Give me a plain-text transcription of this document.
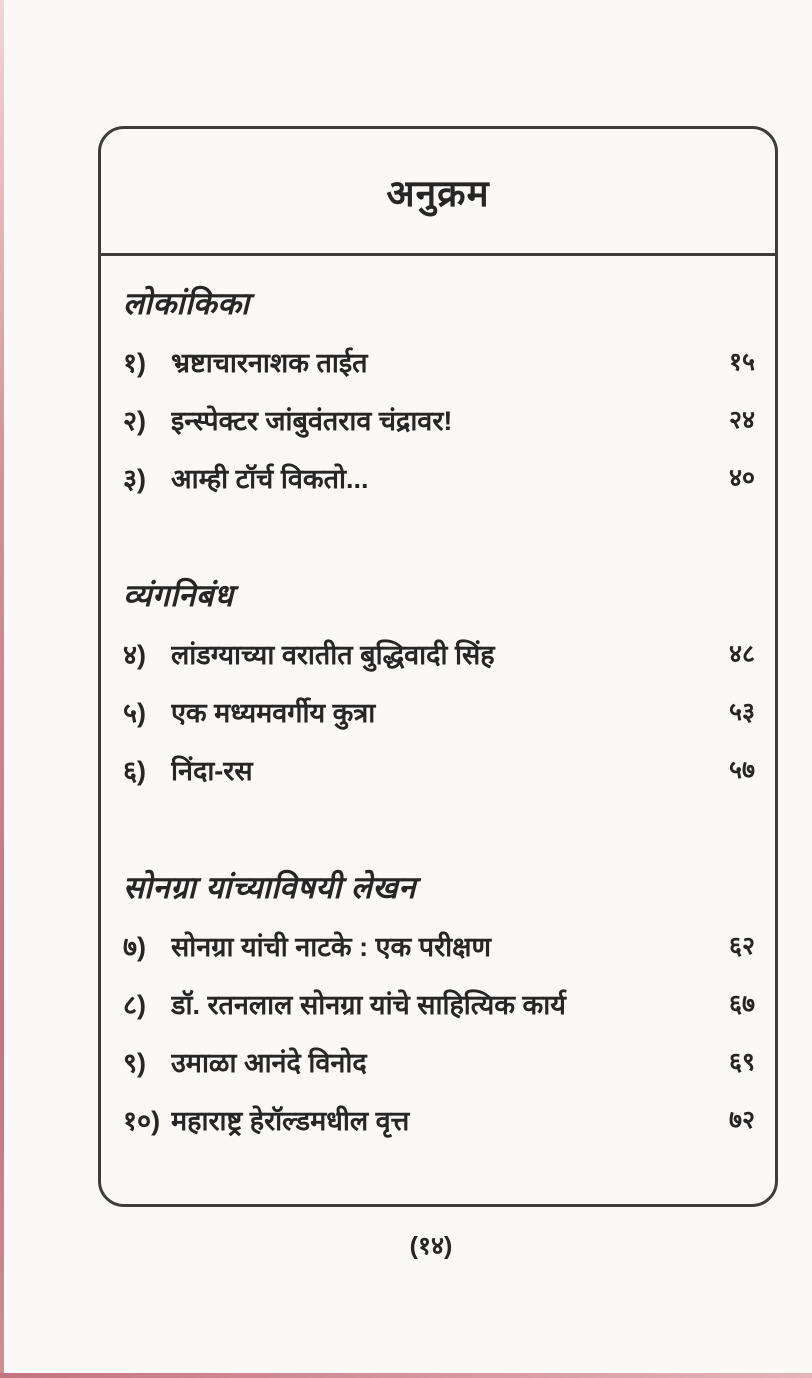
अनुक्रम
लोकांकिका
१) भ्रष्टाचारनाशक ताईत	१५
२) इन्स्पेक्टर जांबुवंतराव चंद्रावर!	२४
३) आम्ही टॉर्च विकतो...	४०
व्यंगनिबंध
४) लांडग्याच्या वरातीत बुद्धिवादी सिंह	४८
५) एक मध्यमवर्गीय कुत्रा	५३
६) निंदा-रस	५७
सोनग्रा यांच्याविषयी लेखन
७) सोनग्रा यांची नाटके : एक परीक्षण	६२
८) डॉ. रतनलाल सोनग्रा यांचे साहित्यिक कार्य	६७
९) उमाळा आनंदे विनोद	६९
१०) महाराष्ट्र हेरॉल्डमधील वृत्त	७२
(१४)
